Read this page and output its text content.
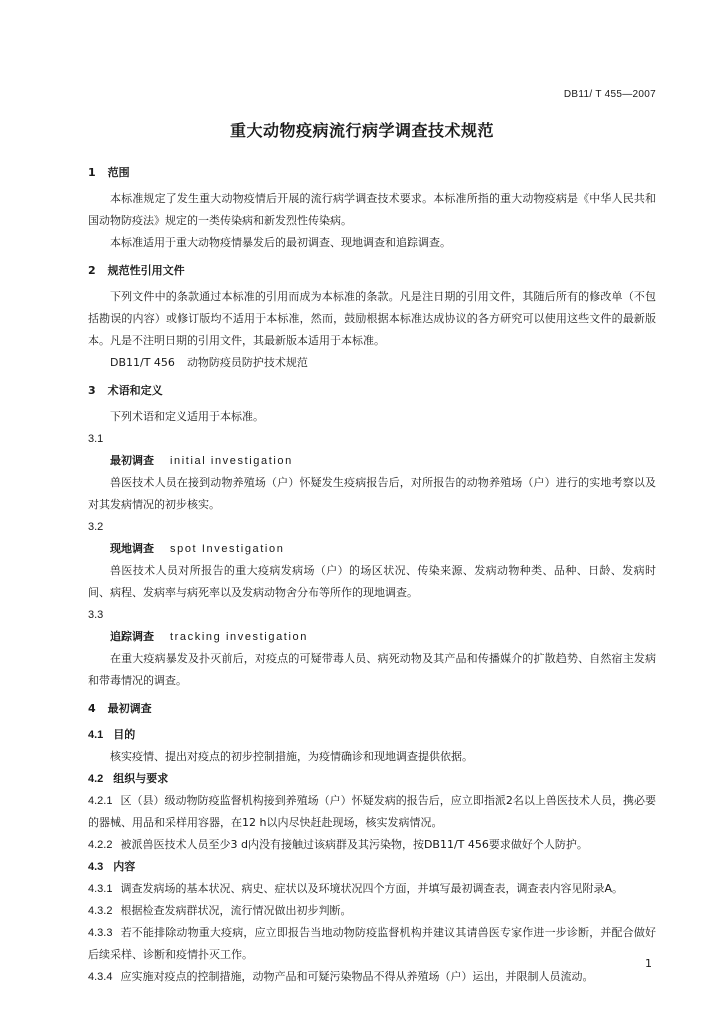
DB11/ T 455—2007
重大动物疫病流行病学调查技术规范
1 范围

本标准规定了发生重大动物疫情后开展的流行病学调查技术要求。本标准所指的重大动物疫病是《中华人民共和国动物防疫法》规定的一类传染病和新发烈性传染病。

本标准适用于重大动物疫情暴发后的最初调查、现地调查和追踪调查。

2 规范性引用文件

下列文件中的条款通过本标准的引用而成为本标准的条款。凡是注日期的引用文件，其随后所有的修改单（不包括勘误的内容）或修订版均不适用于本标准，然而，鼓励根据本标准达成协议的各方研究可以使用这些文件的最新版本。凡是不注明日期的引用文件，其最新版本适用于本标准。

DB11/T 456 动物防疫员防护技术规范

3 术语和定义

下列术语和定义适用于本标准。

3.1

最初调查 initial investigation

兽医技术人员在接到动物养殖场（户）怀疑发生疫病报告后，对所报告的动物养殖场（户）进行的实地考察以及对其发病情况的初步核实。

3.2

现地调查 spot Investigation

兽医技术人员对所报告的重大疫病发病场（户）的场区状况、传染来源、发病动物种类、品种、日龄、发病时间、病程、发病率与病死率以及发病动物舍分布等所作的现地调查。

3.3

追踪调查 tracking investigation

在重大疫病暴发及扑灭前后，对疫点的可疑带毒人员、病死动物及其产品和传播媒介的扩散趋势、自然宿主发病和带毒情况的调查。

4 最初调查

4.1 目的

核实疫情、提出对疫点的初步控制措施，为疫情确诊和现地调查提供依据。

4.2 组织与要求

4.2.1 区（县）级动物防疫监督机构接到养殖场（户）怀疑发病的报告后，应立即指派2名以上兽医技术人员，携必要的器械、用品和采样用容器，在12 h以内尽快赶赴现场，核实发病情况。

4.2.2 被派兽医技术人员至少3 d内没有接触过该病群及其污染物，按DB11/T 456要求做好个人防护。

4.3 内容

4.3.1 调查发病场的基本状况、病史、症状以及环境状况四个方面，并填写最初调查表，调查表内容见附录A。

4.3.2 根据检查发病群状况，流行情况做出初步判断。

4.3.3 若不能排除动物重大疫病，应立即报告当地动物防疫监督机构并建议其请兽医专家作进一步诊断，并配合做好后续采样、诊断和疫情扑灭工作。

4.3.4 应实施对疫点的控制措施，动物产品和可疑污染物品不得从养殖场（户）运出，并限制人员流动。

1
